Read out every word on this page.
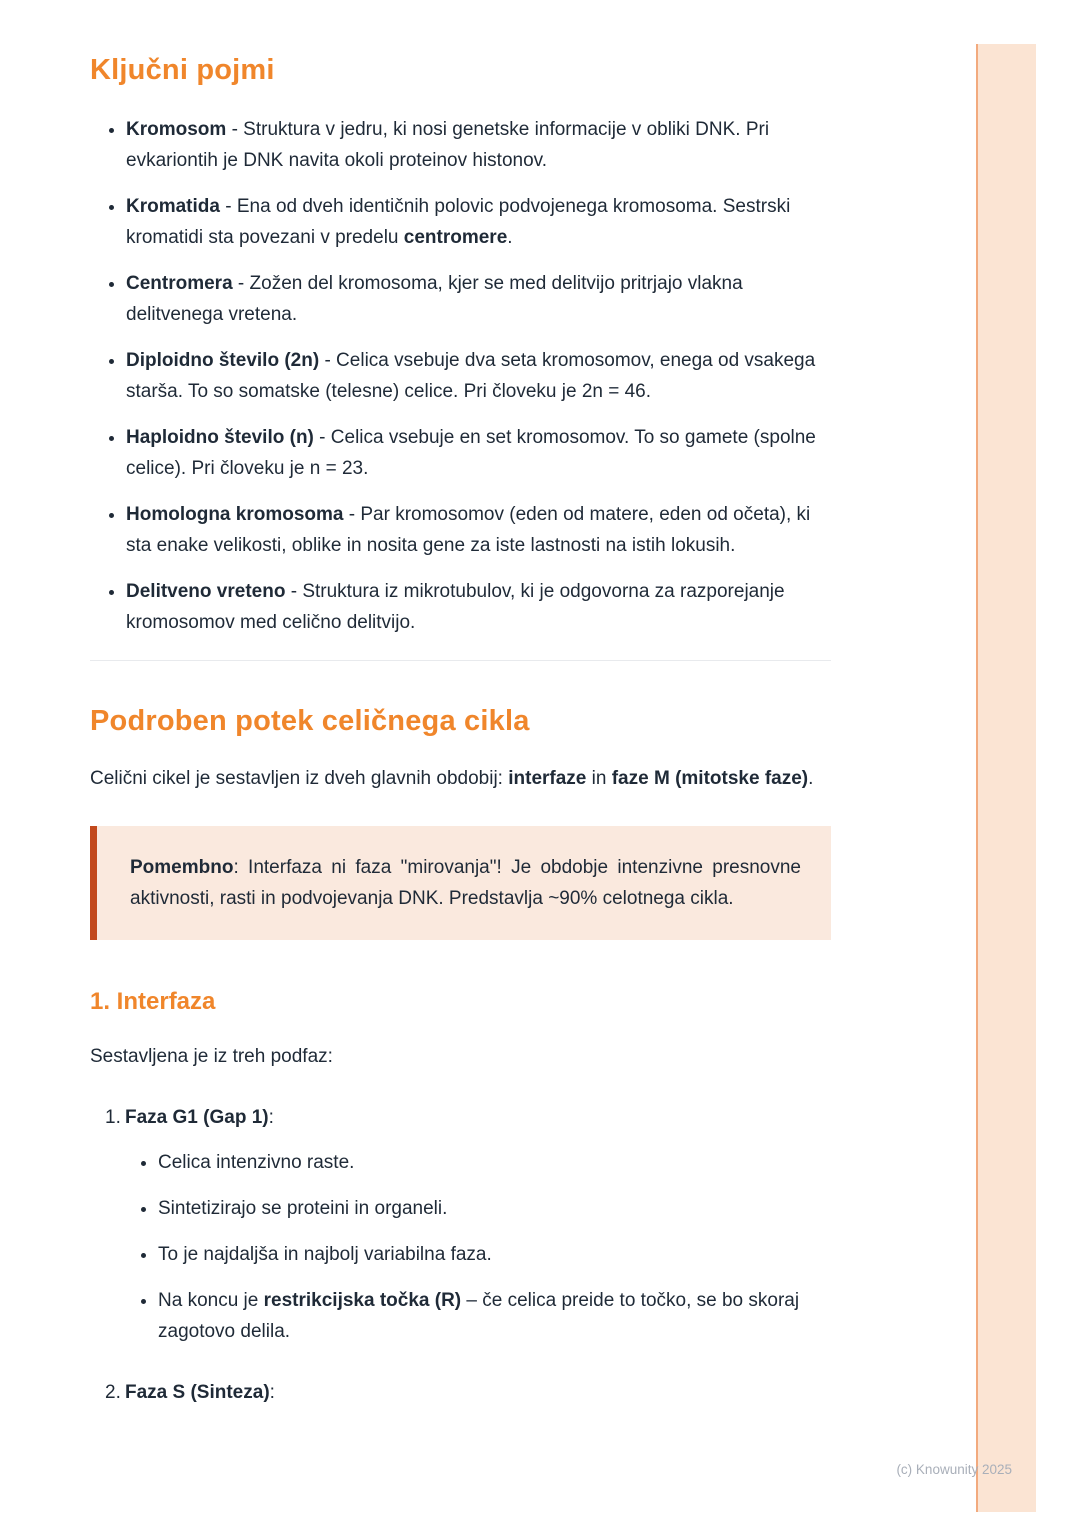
Ključni pojmi
• Kromosom - Struktura v jedru, ki nosi genetske informacije v obliki DNK. Pri evkariontih je DNK navita okoli proteinov histonov.
• Kromatida - Ena od dveh identičnih polovic podvojenega kromosoma. Sestrski kromatidi sta povezani v predelu centromere.
• Centromera - Zožen del kromosoma, kjer se med delitvijo pritrjajo vlakna delitvenega vretena.
• Diploidno število (2n) - Celica vsebuje dva seta kromosomov, enega od vsakega starša. To so somatske (telesne) celice. Pri človeku je 2n = 46.
• Haploidno število (n) - Celica vsebuje en set kromosomov. To so gamete (spolne celice). Pri človeku je n = 23.
• Homologna kromosoma - Par kromosomov (eden od matere, eden od očeta), ki sta enake velikosti, oblike in nosita gene za iste lastnosti na istih lokusih.
• Delitveno vreteno - Struktura iz mikrotubulov, ki je odgovorna za razporejanje kromosomov med celično delitvijo.
Podroben potek celičnega cikla

Celični cikel je sestavljen iz dveh glavnih obdobij: interfaze in faze M (mitotske faze).

Pomembno: Interfaza ni faza "mirovanja"! Je obdobje intenzivne presnovne aktivnosti, rasti in podvojevanja DNK. Predstavlja ~90% celotnega cikla.

1. Interfaza

Sestavljena je iz treh podfaz:

1. Faza G1 (Gap 1):
• Celica intenzivno raste.
• Sintetizirajo se proteini in organeli.
• To je najdaljša in najbolj variabilna faza.
• Na koncu je restrikcijska točka (R) – če celica preide to točko, se bo skoraj zagotovo delila.
2. Faza S (Sinteza):
(c) Knowunity 2025
